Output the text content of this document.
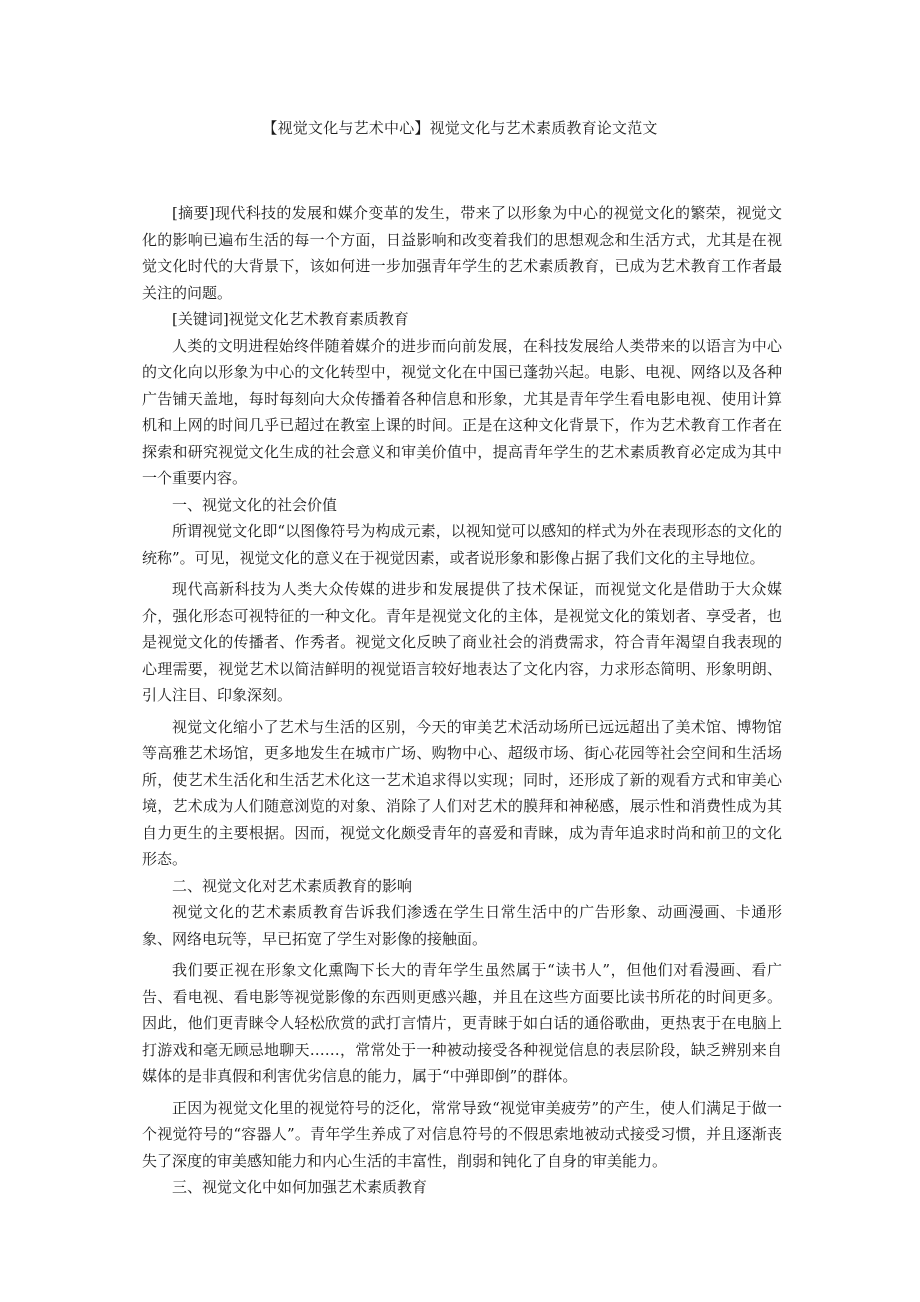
【视觉文化与艺术中心】视觉文化与艺术素质教育论文范文

[摘要]现代科技的发展和媒介变革的发生，带来了以形象为中心的视觉文化的繁荣，视觉文化的影响已遍布生活的每一个方面，日益影响和改变着我们的思想观念和生活方式，尤其是在视觉文化时代的大背景下，该如何进一步加强青年学生的艺术素质教育，已成为艺术教育工作者最关注的问题。

[关键词]视觉文化艺术教育素质教育

人类的文明进程始终伴随着媒介的进步而向前发展，在科技发展给人类带来的以语言为中心的文化向以形象为中心的文化转型中，视觉文化在中国已蓬勃兴起。电影、电视、网络以及各种广告铺天盖地，每时每刻向大众传播着各种信息和形象，尤其是青年学生看电影电视、使用计算机和上网的时间几乎已超过在教室上课的时间。正是在这种文化背景下，作为艺术教育工作者在探索和研究视觉文化生成的社会意义和审美价值中，提高青年学生的艺术素质教育必定成为其中一个重要内容。

一、视觉文化的社会价值

所谓视觉文化即“以图像符号为构成元素，以视知觉可以感知的样式为外在表现形态的文化的统称”。可见，视觉文化的意义在于视觉因素，或者说形象和影像占据了我们文化的主导地位。

现代高新科技为人类大众传媒的进步和发展提供了技术保证，而视觉文化是借助于大众媒介，强化形态可视特征的一种文化。青年是视觉文化的主体，是视觉文化的策划者、享受者，也是视觉文化的传播者、作秀者。视觉文化反映了商业社会的消费需求，符合青年渴望自我表现的心理需要，视觉艺术以简洁鲜明的视觉语言较好地表达了文化内容，力求形态简明、形象明朗、引人注目、印象深刻。

视觉文化缩小了艺术与生活的区别，今天的审美艺术活动场所已远远超出了美术馆、博物馆等高雅艺术场馆，更多地发生在城市广场、购物中心、超级市场、街心花园等社会空间和生活场所，使艺术生活化和生活艺术化这一艺术追求得以实现；同时，还形成了新的观看方式和审美心境，艺术成为人们随意浏览的对象、消除了人们对艺术的膜拜和神秘感，展示性和消费性成为其自力更生的主要根据。因而，视觉文化颇受青年的喜爱和青睐，成为青年追求时尚和前卫的文化形态。

二、视觉文化对艺术素质教育的影响

视觉文化的艺术素质教育告诉我们渗透在学生日常生活中的广告形象、动画漫画、卡通形象、网络电玩等，早已拓宽了学生对影像的接触面。

我们要正视在形象文化熏陶下长大的青年学生虽然属于“读书人”，但他们对看漫画、看广告、看电视、看电影等视觉影像的东西则更感兴趣，并且在这些方面要比读书所花的时间更多。因此，他们更青睐令人轻松欣赏的武打言情片，更青睐于如白话的通俗歌曲，更热衷于在电脑上打游戏和毫无顾忌地聊天……，常常处于一种被动接受各种视觉信息的表层阶段，缺乏辨别来自媒体的是非真假和利害优劣信息的能力，属于“中弹即倒”的群体。

正因为视觉文化里的视觉符号的泛化，常常导致“视觉审美疲劳”的产生，使人们满足于做一个视觉符号的“容器人”。青年学生养成了对信息符号的不假思索地被动式接受习惯，并且逐渐丧失了深度的审美感知能力和内心生活的丰富性，削弱和钝化了自身的审美能力。

三、视觉文化中如何加强艺术素质教育
